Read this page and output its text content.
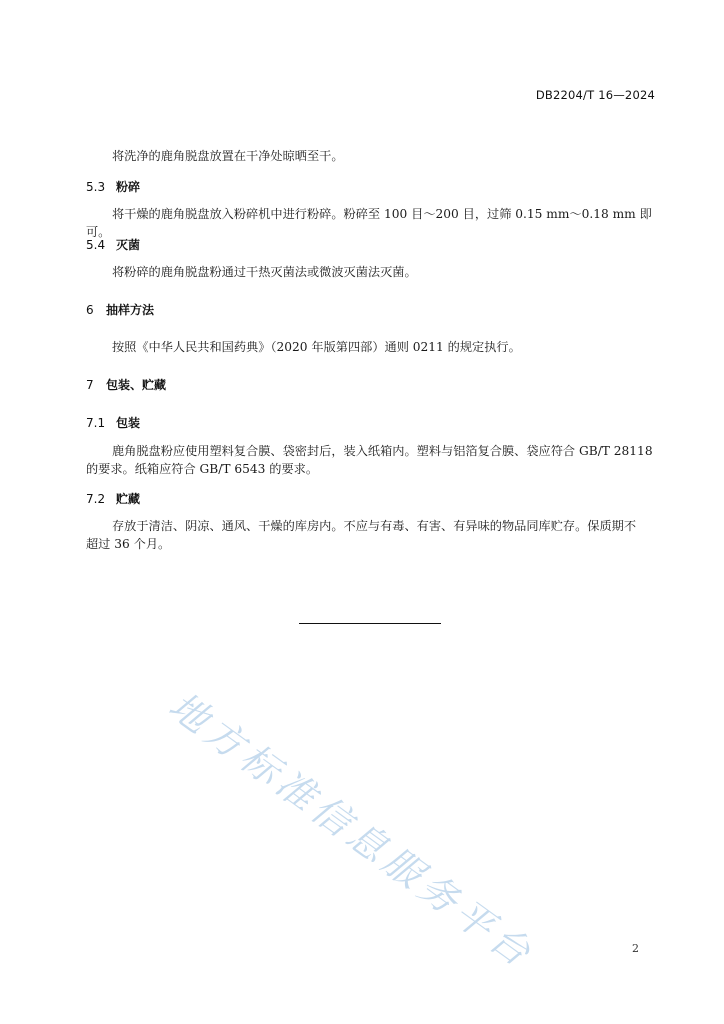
DB2204/T 16—2024
将洗净的鹿角脱盘放置在干净处晾晒至干。
5.3 粉碎
将干燥的鹿角脱盘放入粉碎机中进行粉碎。粉碎至 100 目～200 目，过筛 0.15 mm～0.18 mm 即可。
5.4 灭菌
将粉碎的鹿角脱盘粉通过干热灭菌法或微波灭菌法灭菌。
6 抽样方法
按照《中华人民共和国药典》（2020 年版第四部）通则 0211 的规定执行。
7 包装、贮藏
7.1 包装
鹿角脱盘粉应使用塑料复合膜、袋密封后，装入纸箱内。塑料与铝箔复合膜、袋应符合 GB/T 28118
的要求。纸箱应符合 GB/T 6543 的要求。
7.2 贮藏
存放于清洁、阴凉、通风、干燥的库房内。不应与有毒、有害、有异味的物品同库贮存。保质期不
超过 36 个月。
地方标准信息服务平台	2
